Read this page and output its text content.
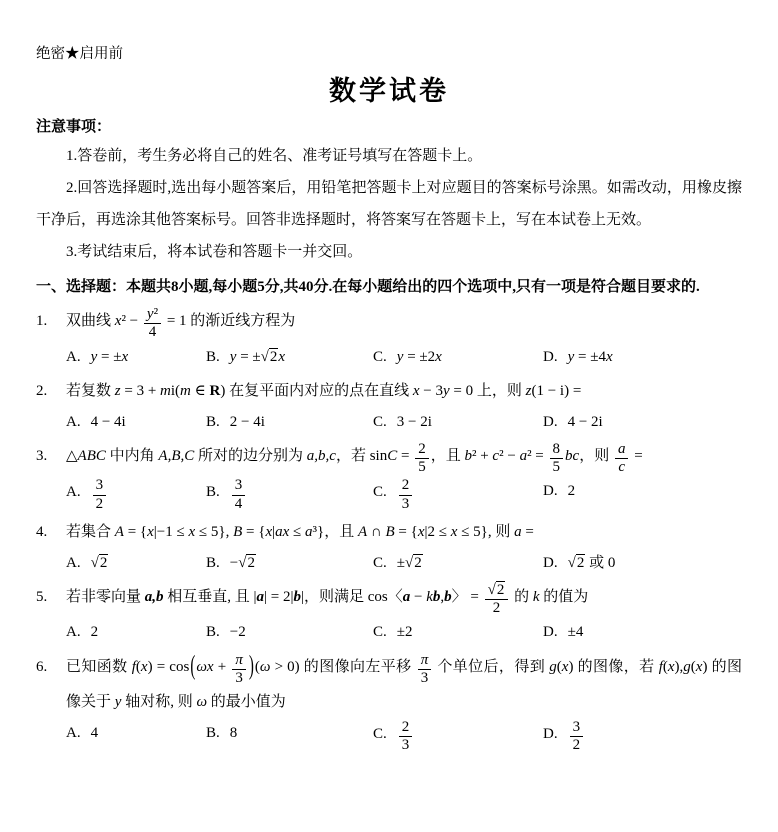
绝密★启用前
数学试卷
注意事项：

1.答卷前，考生务必将自己的姓名、准考证号填写在答题卡上。

2.回答选择题时,选出每小题答案后，用铅笔把答题卡上对应题目的答案标号涂黑。如需改动，用橡皮擦干净后，再选涂其他答案标号。回答非选择题时，将答案写在答题卡上，写在本试卷上无效。

3.考试结束后，将本试卷和答题卡一并交回。

一、选择题：本题共8小题,每小题5分,共40分.在每小题给出的四个选项中,只有一项是符合题目要求的.
1.	双曲线 $x^2 - \frac{\text{y²}}{4} = 1$ 的渐近线方程为
A. y = ±x	B. y = ±√2x	C. y = ±2x	D. y = ±4x
2.	若复数 z = 3 + mi(m ∈ R) 在复平面内对应的点在直线 x − 3y = 0 上，则 z(1 − i) =
A. 4 − 4i	B. 2 − 4i	C. 3 − 2i	D. 4 − 2i
3.	△ABC 中内角 A,B,C 所对的边分别为 a,b,c，若 $\sin C = \frac{2}{5}$ ，且 $b^2 + c^2 - a^2 = \frac{8}{5}$ bc，则 $\frac{a}{c}$ =
A. $\frac{3}{2}$	B. $\frac{3}{4}$	C. $\frac{2}{3}$	D. 2
4.	若集合 A = {x|−1 ≤ x ≤ 5}, B = {x|ax ≤ a³}，且 A ∩ B = {x|2 ≤ x ≤ 5}, 则 a =
A. √2	B. −√2	C. ±√2	D. √2 或 0
5.	若非零向量 a,b 相互垂直, 且 |a| = 2|b|，则满足 cos〈a − kb,b〉 = $\frac{√2}{2}$ 的 k 的值为
A. 2	B. −2	C. ±2	D. ±4
6.	已知函数 $f(x) = \cos(\omega x + \frac{\pi}{3} )(\omega > 0)$ 的图像向左平移 $\frac{\pi}{3}$ 个单位后，得到 g(x) 的图像，若 f(x),g(x) 的图像关于 y 轴对称, 则 ω 的最小值为
A. 4	B. 8	C. $\frac{2}{3}$	D. $\frac{3}{2}$
